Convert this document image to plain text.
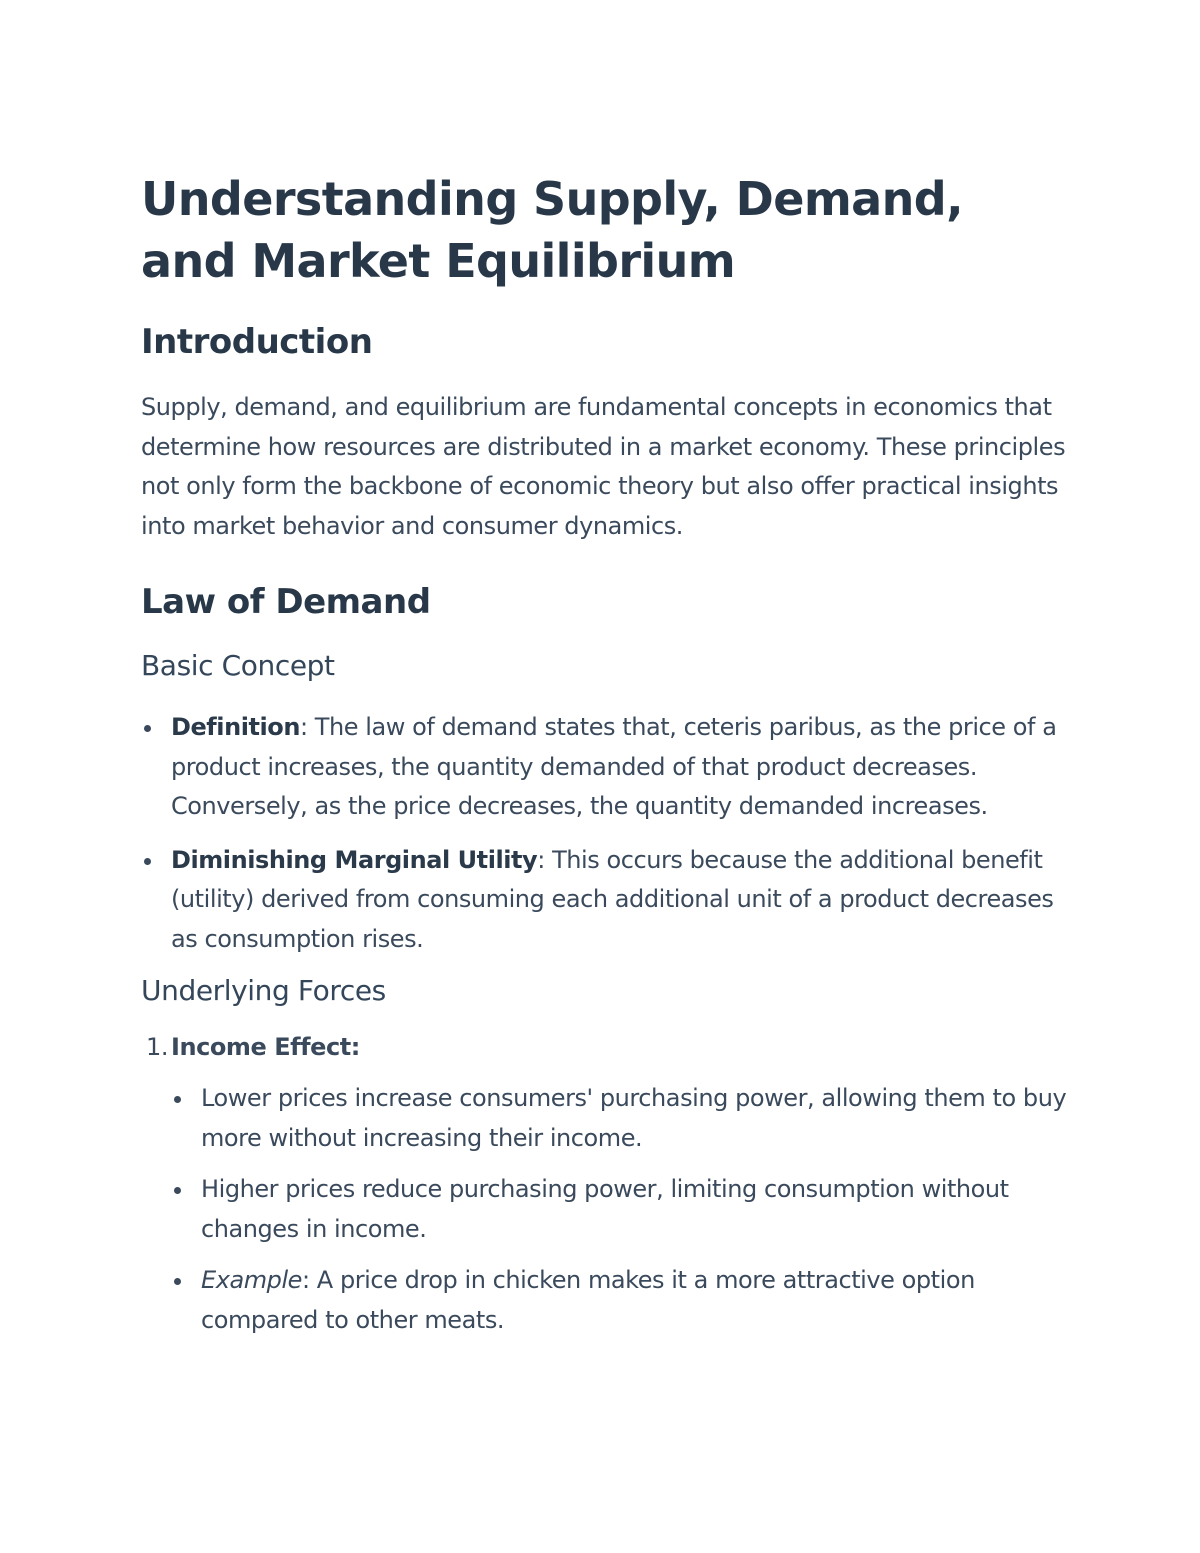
Understanding Supply, Demand, and Market Equilibrium
Introduction

Supply, demand, and equilibrium are fundamental concepts in economics that determine how resources are distributed in a market economy. These principles not only form the backbone of economic theory but also offer practical insights into market behavior and consumer dynamics.

Law of Demand
Basic Concept
Definition: The law of demand states that, ceteris paribus, as the price of a product increases, the quantity demanded of that product decreases. Conversely, as the price decreases, the quantity demanded increases.
Diminishing Marginal Utility: This occurs because the additional benefit (utility) derived from consuming each additional unit of a product decreases as consumption rises.
Underlying Forces
1. Income Effect:
Lower prices increase consumers' purchasing power, allowing them to buy more without increasing their income.
Higher prices reduce purchasing power, limiting consumption without changes in income.
Example: A price drop in chicken makes it a more attractive option compared to other meats.
